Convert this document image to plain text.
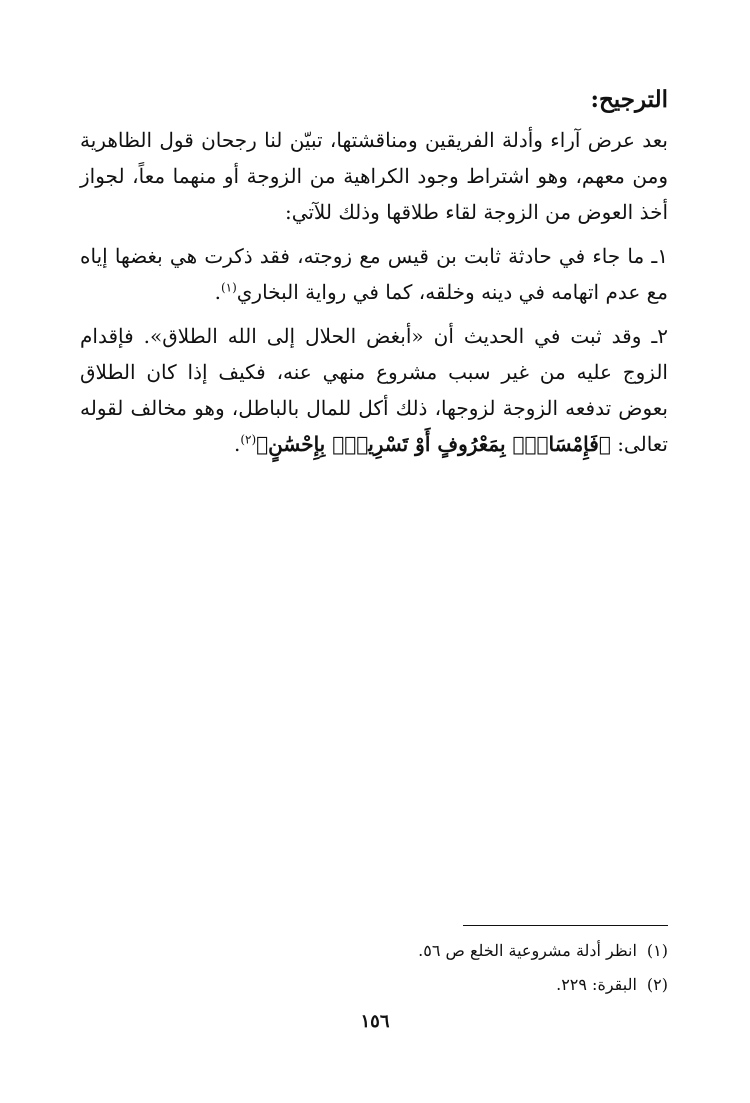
الترجيح:

بعد عرض آراء وأدلة الفريقين ومناقشتها، تبيّن لنا رجحان قول الظاهرية ومن معهم، وهو اشتراط وجود الكراهية من الزوجة أو منهما معاً، لجواز أخذ العوض من الزوجة لقاء طلاقها وذلك للآتي:

١ـ ما جاء في حادثة ثابت بن قيس مع زوجته، فقد ذكرت هي بغضها إياه مع عدم اتهامه في دينه وخلقه، كما في رواية البخاري$^{(١)}$.

٢ـ وقد ثبت في الحديث أن «أبغض الحلال إلى الله الطلاق». فإقدام الزوج عليه من غير سبب مشروع منهي عنه، فكيف إذا كان الطلاق بعوض تدفعه الزوجة لزوجها، ذلك أكل للمال بالباطل، وهو مخالف لقوله تعالى: ﴿فَإِمْسَاكٌۢ بِمَعْرُوفٍ أَوْ تَسْرِيحٌۢ بِإِحْسَٰنٍ﴾$^{(٢)}$.

(١)انظر أدلة مشروعية الخلع ص ٥٦.

(٢)البقرة: ٢٢٩.

١٥٦
